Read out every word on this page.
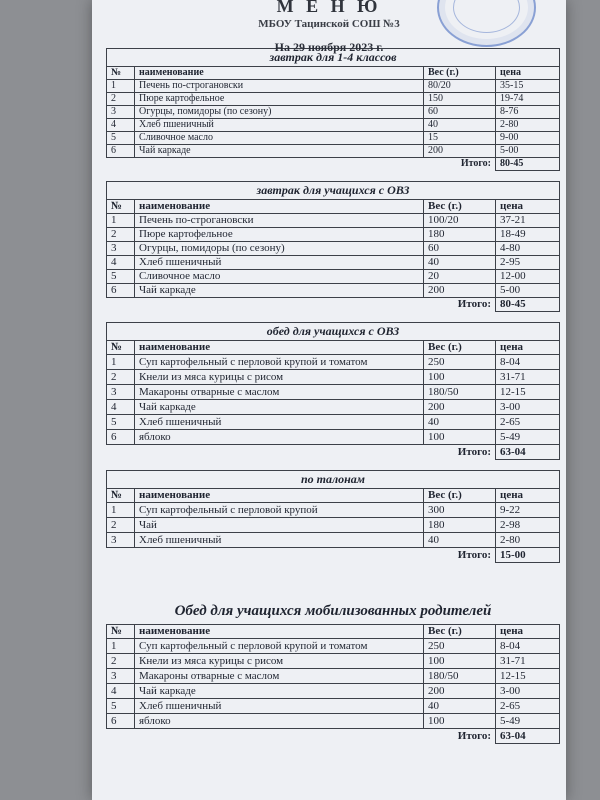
М Е Н Ю
МБОУ Тацинской СОШ №3
На 29 ноября 2023 г.
завтрак для 1-4 классов
№	наименование	Вес (г.)	цена
1	Печень по-строгановски	80/20	35-15
2	Пюре картофельное	150	19-74
3	Огурцы, помидоры (по сезону)	60	8-76
4	Хлеб пшеничный	40	2-80
5	Сливочное масло	15	9-00
6	Чай каркаде	200	5-00
Итого:			80-45
завтрак для учащихся с ОВЗ
№	наименование	Вес (г.)	цена
1	Печень по-строгановски	100/20	37-21
2	Пюре картофельное	180	18-49
3	Огурцы, помидоры (по сезону)	60	4-80
4	Хлеб пшеничный	40	2-95
5	Сливочное масло	20	12-00
6	Чай каркаде	200	5-00
Итого:			80-45
обед для учащихся с ОВЗ
№	наименование	Вес (г.)	цена
1	Суп картофельный с перловой крупой и томатом	250	8-04
2	Кнели из мяса курицы с рисом	100	31-71
3	Макароны отварные с маслом	180/50	12-15
4	Чай каркаде	200	3-00
5	Хлеб пшеничный	40	2-65
6	яблоко	100	5-49
Итого:			63-04
по талонам
№	наименование	Вес (г.)	цена
1	Суп картофельный с перловой крупой	300	9-22
2	Чай	180	2-98
3	Хлеб пшеничный	40	2-80
Итого:			15-00
Обед для учащихся мобилизованных родителей
№	наименование	Вес (г.)	цена
1	Суп картофельный с перловой крупой и томатом	250	8-04
2	Кнели из мяса курицы с рисом	100	31-71
3	Макароны отварные с маслом	180/50	12-15
4	Чай каркаде	200	3-00
5	Хлеб пшеничный	40	2-65
6	яблоко	100	5-49
Итого:			63-04
